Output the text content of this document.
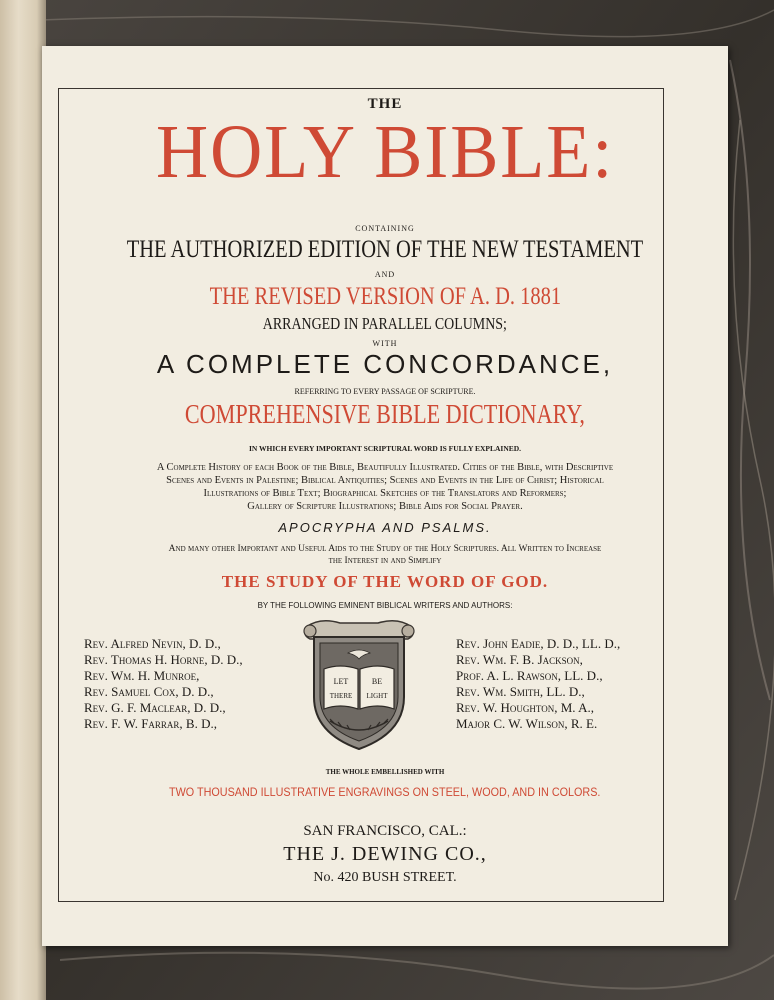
THE
HOLY BIBLE:
CONTAINING
THE AUTHORIZED EDITION OF THE NEW TESTAMENT
AND
THE REVISED VERSION OF A. D. 1881
ARRANGED IN PARALLEL COLUMNS;
WITH
A COMPLETE CONCORDANCE,
REFERRING TO EVERY PASSAGE OF SCRIPTURE.
COMPREHENSIVE BIBLE DICTIONARY,
IN WHICH EVERY IMPORTANT SCRIPTURAL WORD IS FULLY EXPLAINED.
A Complete History of each Book of the Bible, Beautifully Illustrated. Cities of the Bible, with Descriptive
Scenes and Events in Palestine; Biblical Antiquities; Scenes and Events in the Life of Christ; Historical
Illustrations of Bible Text; Biographical Sketches of the Translators and Reformers;
Gallery of Scripture Illustrations; Bible Aids for Social Prayer.
APOCRYPHA AND PSALMS.
And many other Important and Useful Aids to the Study of the Holy Scriptures. All Written to Increase
the Interest in and Simplify
THE STUDY OF THE WORD OF GOD.
BY THE FOLLOWING EMINENT BIBLICAL WRITERS AND AUTHORS:
Rev. Alfred Nevin, D. D.,
Rev. Thomas H. Horne, D. D.,
Rev. Wm. H. Munroe,
Rev. Samuel Cox, D. D.,
Rev. G. F. Maclear, D. D.,
Rev. F. W. Farrar, B. D.,
LET	BE
THERE LIGHT
Rev. John Eadie, D. D., LL. D.,
Rev. Wm. F. B. Jackson,
Prof. A. L. Rawson, LL. D.,
Rev. Wm. Smith, LL. D.,
Rev. W. Houghton, M. A.,
Major C. W. Wilson, R. E.
THE WHOLE EMBELLISHED WITH
TWO THOUSAND ILLUSTRATIVE ENGRAVINGS ON STEEL, WOOD, AND IN COLORS.
SAN FRANCISCO, CAL.:
THE J. DEWING CO.,
No. 420 BUSH STREET.
